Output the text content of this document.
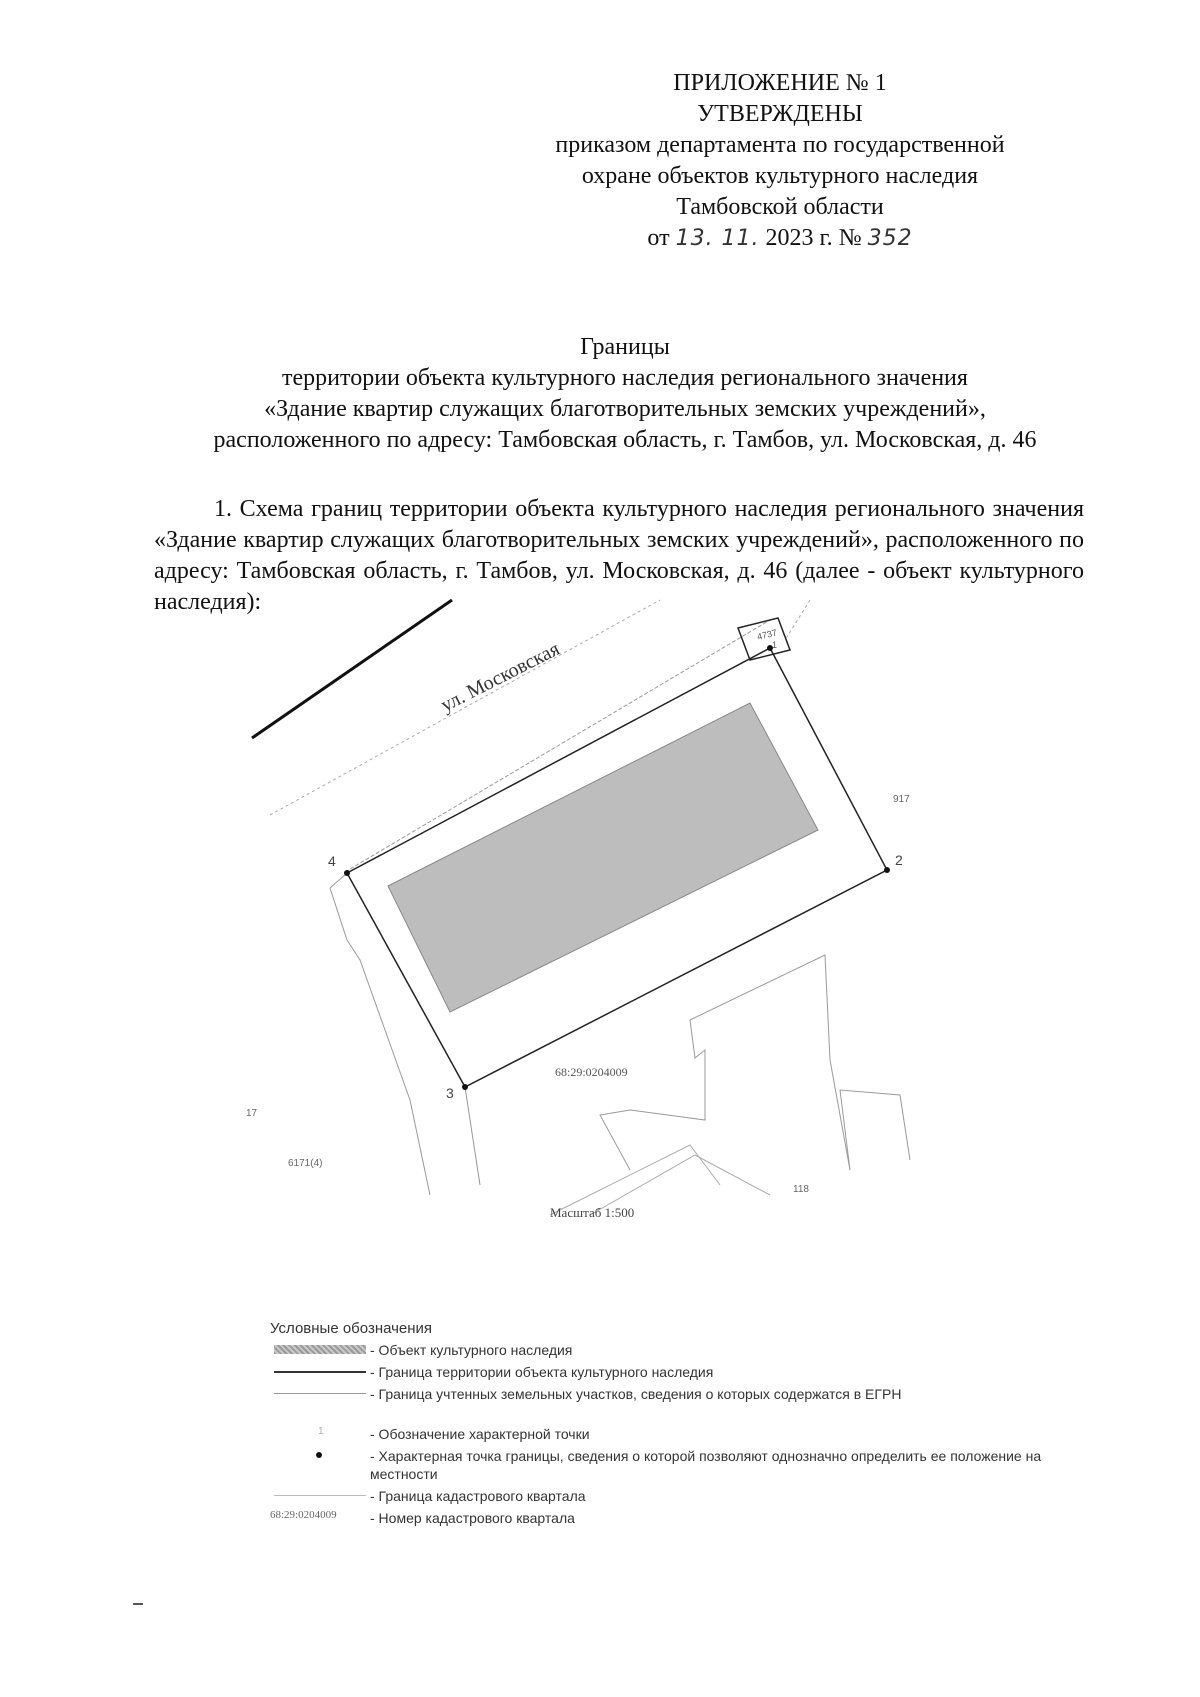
ПРИЛОЖЕНИЕ № 1
УТВЕРЖДЕНЫ
приказом департамента по государственной
охране объектов культурного наследия
Тамбовской области
от 13. 11. 2023 г. № 352
Границы
территории объекта культурного наследия регионального значения
«Здание квартир служащих благотворительных земских учреждений»,
расположенного по адресу: Тамбовская область, г. Тамбов, ул. Московская, д. 46
1. Схема границ территории объекта культурного наследия регионального значения «Здание квартир служащих благотворительных земских учреждений», расположенного по адресу: Тамбовская область, г. Тамбов, ул. Московская, д. 46 (далее - объект культурного наследия):
ул. Московская	1
4737
2
3
4
917
68:29:0204009
17
6171(4)
118
Масштаб 1:500
Условные обозначения
- Объект культурного наследия
- Граница территории объекта культурного наследия
- Граница учтенных земельных участков, сведения о которых содержатся в ЕГРН
1	- Обозначение характерной точки
- Характерная точка границы, сведения о которой позволяют однозначно определить ее положение на местности
- Граница кадастрового квартала
68:29:0204009 - Номер кадастрового квартала
